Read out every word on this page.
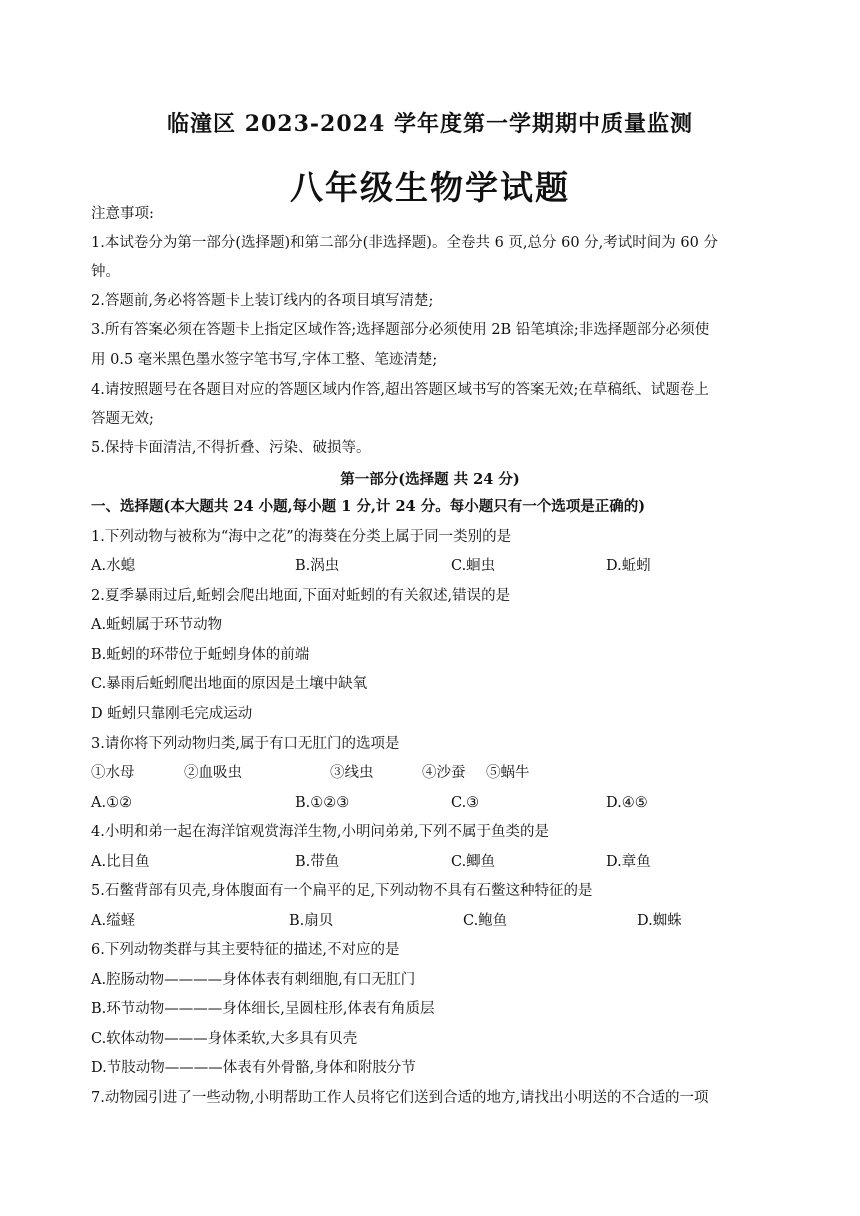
临潼区 2023-2024 学年度第一学期期中质量监测
八年级生物学试题
注意事项:
1.本试卷分为第一部分(选择题)和第二部分(非选择题)。全卷共 6 页,总分 60 分,考试时间为 60 分
钟。
2.答题前,务必将答题卡上装订线内的各项目填写清楚;
3.所有答案必须在答题卡上指定区域作答;选择题部分必须使用 2B 铅笔填涂;非选择题部分必须使
用 0.5 毫米黑色墨水签字笔书写,字体工整、笔迹清楚;
4.请按照题号在各题目对应的答题区域内作答,超出答题区域书写的答案无效;在草稿纸、试题卷上
答题无效;
5.保持卡面清洁,不得折叠、污染、破损等。
第一部分(选择题 共 24 分)
一、选择题(本大题共 24 小题,每小题 1 分,计 24 分。每小题只有一个选项是正确的)
1.下列动物与被称为“海中之花”的海葵在分类上属于同一类别的是
A.水螅	B.涡虫	C.蛔虫	D.蚯蚓
2.夏季暴雨过后,蚯蚓会爬出地面,下面对蚯蚓的有关叙述,错误的是
A.蚯蚓属于环节动物
B.蚯蚓的环带位于蚯蚓身体的前端
C.暴雨后蚯蚓爬出地面的原因是土壤中缺氧
D 蚯蚓只靠刚毛完成运动
3.请你将下列动物归类,属于有口无肛门的选项是
①水母	②血吸虫	③线虫	④沙蚕 ⑤蜗牛
A.①②	B.①②③	C.③	D.④⑤
4.小明和弟一起在海洋馆观赏海洋生物,小明问弟弟,下列不属于鱼类的是
A.比目鱼	B.带鱼	C.鲫鱼	D.章鱼
5.石鳖背部有贝壳,身体腹面有一个扁平的足,下列动物不具有石鳖这种特征的是
A.缢蛏	B.扇贝	C.鲍鱼	D.蜘蛛
6.下列动物类群与其主要特征的描述,不对应的是
A.腔肠动物————身体体表有刺细胞,有口无肛门
B.环节动物————身体细长,呈圆柱形,体表有角质层
C.软体动物———身体柔软,大多具有贝壳
D.节肢动物————体表有外骨骼,身体和附肢分节
7.动物园引进了一些动物,小明帮助工作人员将它们送到合适的地方,请找出小明送的不合适的一项
